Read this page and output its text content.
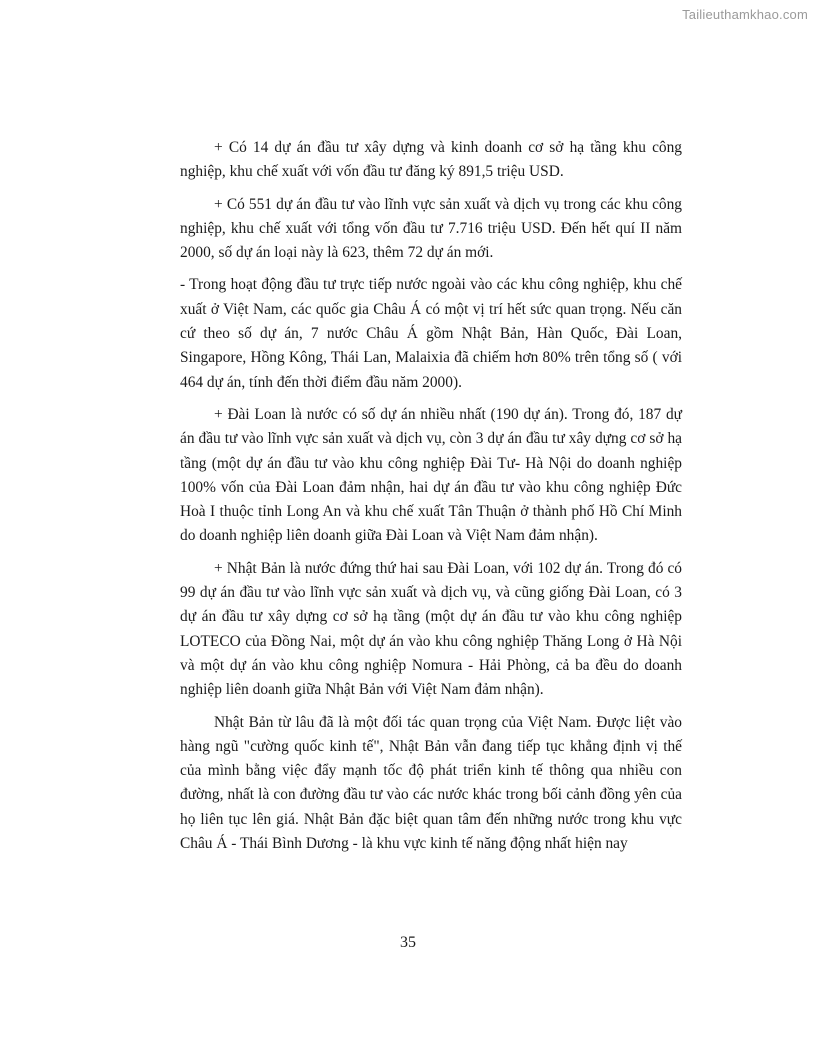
Tailieuthamkhao.com

+ Có 14 dự án đầu tư xây dựng và kinh doanh cơ sở hạ tầng khu công nghiệp, khu chế xuất với vốn đầu tư đăng ký 891,5 triệu USD.

+ Có 551 dự án đầu tư vào lĩnh vực sản xuất và dịch vụ trong các khu công nghiệp, khu chế xuất với tổng vốn đầu tư 7.716 triệu USD. Đến hết quí II năm 2000, số dự án loại này là 623, thêm 72 dự án mới.

- Trong hoạt động đầu tư trực tiếp nước ngoài vào các khu công nghiệp, khu chế xuất ở Việt Nam, các quốc gia Châu Á có một vị trí hết sức quan trọng. Nếu căn cứ theo số dự án, 7 nước Châu Á gồm Nhật Bản, Hàn Quốc, Đài Loan, Singapore, Hồng Kông, Thái Lan, Malaixia đã chiếm hơn 80% trên tổng số ( với 464 dự án, tính đến thời điểm đầu năm 2000).

+ Đài Loan là nước có số dự án nhiều nhất (190 dự án). Trong đó, 187 dự án đầu tư vào lĩnh vực sản xuất và dịch vụ, còn 3 dự án đầu tư xây dựng cơ sở hạ tầng (một dự án đầu tư vào khu công nghiệp Đài Tư- Hà Nội do doanh nghiệp 100% vốn của Đài Loan đảm nhận, hai dự án đầu tư vào khu công nghiệp Đức Hoà I thuộc tỉnh Long An và khu chế xuất Tân Thuận ở thành phố Hồ Chí Minh do doanh nghiệp liên doanh giữa Đài Loan và Việt Nam đảm nhận).

+ Nhật Bản là nước đứng thứ hai sau Đài Loan, với 102 dự án. Trong đó có 99 dự án đầu tư vào lĩnh vực sản xuất và dịch vụ, và cũng giống Đài Loan, có 3 dự án đầu tư xây dựng cơ sở hạ tầng (một dự án đầu tư vào khu công nghiệp LOTECO của Đồng Nai, một dự án vào khu công nghiệp Thăng Long ở Hà Nội và một dự án vào khu công nghiệp Nomura - Hải Phòng, cả ba đều do doanh nghiệp liên doanh giữa Nhật Bản với Việt Nam đảm nhận).

Nhật Bản từ lâu đã là một đối tác quan trọng của Việt Nam. Được liệt vào hàng ngũ "cường quốc kinh tế", Nhật Bản vẫn đang tiếp tục khẳng định vị thế của mình bằng việc đẩy mạnh tốc độ phát triển kinh tế thông qua nhiều con đường, nhất là con đường đầu tư vào các nước khác trong bối cảnh đồng yên của họ liên tục lên giá. Nhật Bản đặc biệt quan tâm đến những nước trong khu vực Châu Á - Thái Bình Dương - là khu vực kinh tế năng động nhất hiện nay

35
